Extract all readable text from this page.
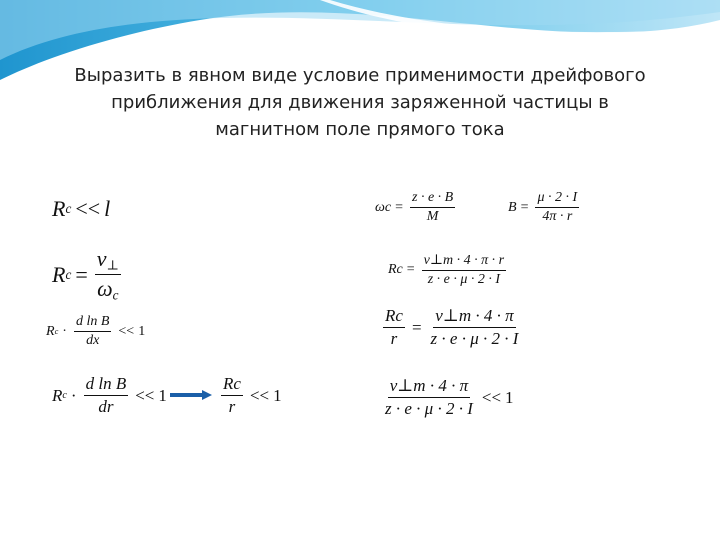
Выразить в явном виде условие применимости дрейфового
приближения для движения заряженной частицы в
магнитном поле прямого тока
R c << l
R $c = \frac{v_\perp}{\omega_c}$
R $c \cdot \frac{\text{d ln B}}{dx} << 1$
R $c \cdot \frac{\text{d ln B}}{dr} << 1$	$\frac{Rc}{r} << 1$
$\omega c = \frac{z \cdot e \cdot B}{M}$	$B = \frac{\mu \cdot 2 \cdot I}{4\pi \cdot r}$
$Rc = \frac{v\perp m \cdot 4 \cdot \pi \cdot r}{z \cdot e \cdot \mu \cdot 2 \cdot I}$
$\frac{Rc}{r} = \frac{v\perp m \cdot 4 \cdot \pi}{z \cdot e \cdot \mu \cdot 2 \cdot I}$
$\frac{v\perp m \cdot 4 \cdot \pi}{z \cdot e \cdot \mu \cdot 2 \cdot I} << 1$
